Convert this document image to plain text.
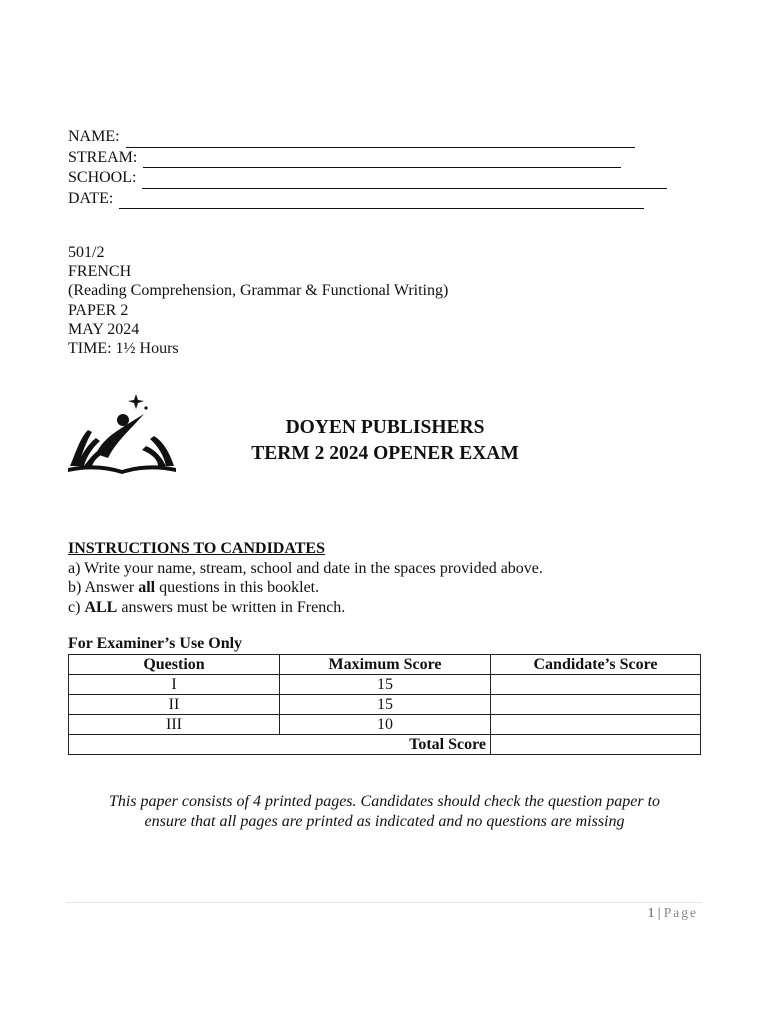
NAME:
STREAM:
SCHOOL:
DATE:
501/2
FRENCH
(Reading Comprehension, Grammar & Functional Writing)
PAPER 2
MAY 2024
TIME: 1½ Hours
DOYEN PUBLISHERS
TERM 2 2024 OPENER EXAM
INSTRUCTIONS TO CANDIDATES
a) Write your name, stream, school and date in the spaces provided above.
b) Answer all questions in this booklet.
c) ALL answers must be written in French.
For Examiner’s Use Only
Question	Maximum Score	Candidate’s Score
I	15	
II	15	
III	10	
Total Score		
This paper consists of 4 printed pages. Candidates should check the question paper to
ensure that all pages are printed as indicated and no questions are missing
1 | Page
